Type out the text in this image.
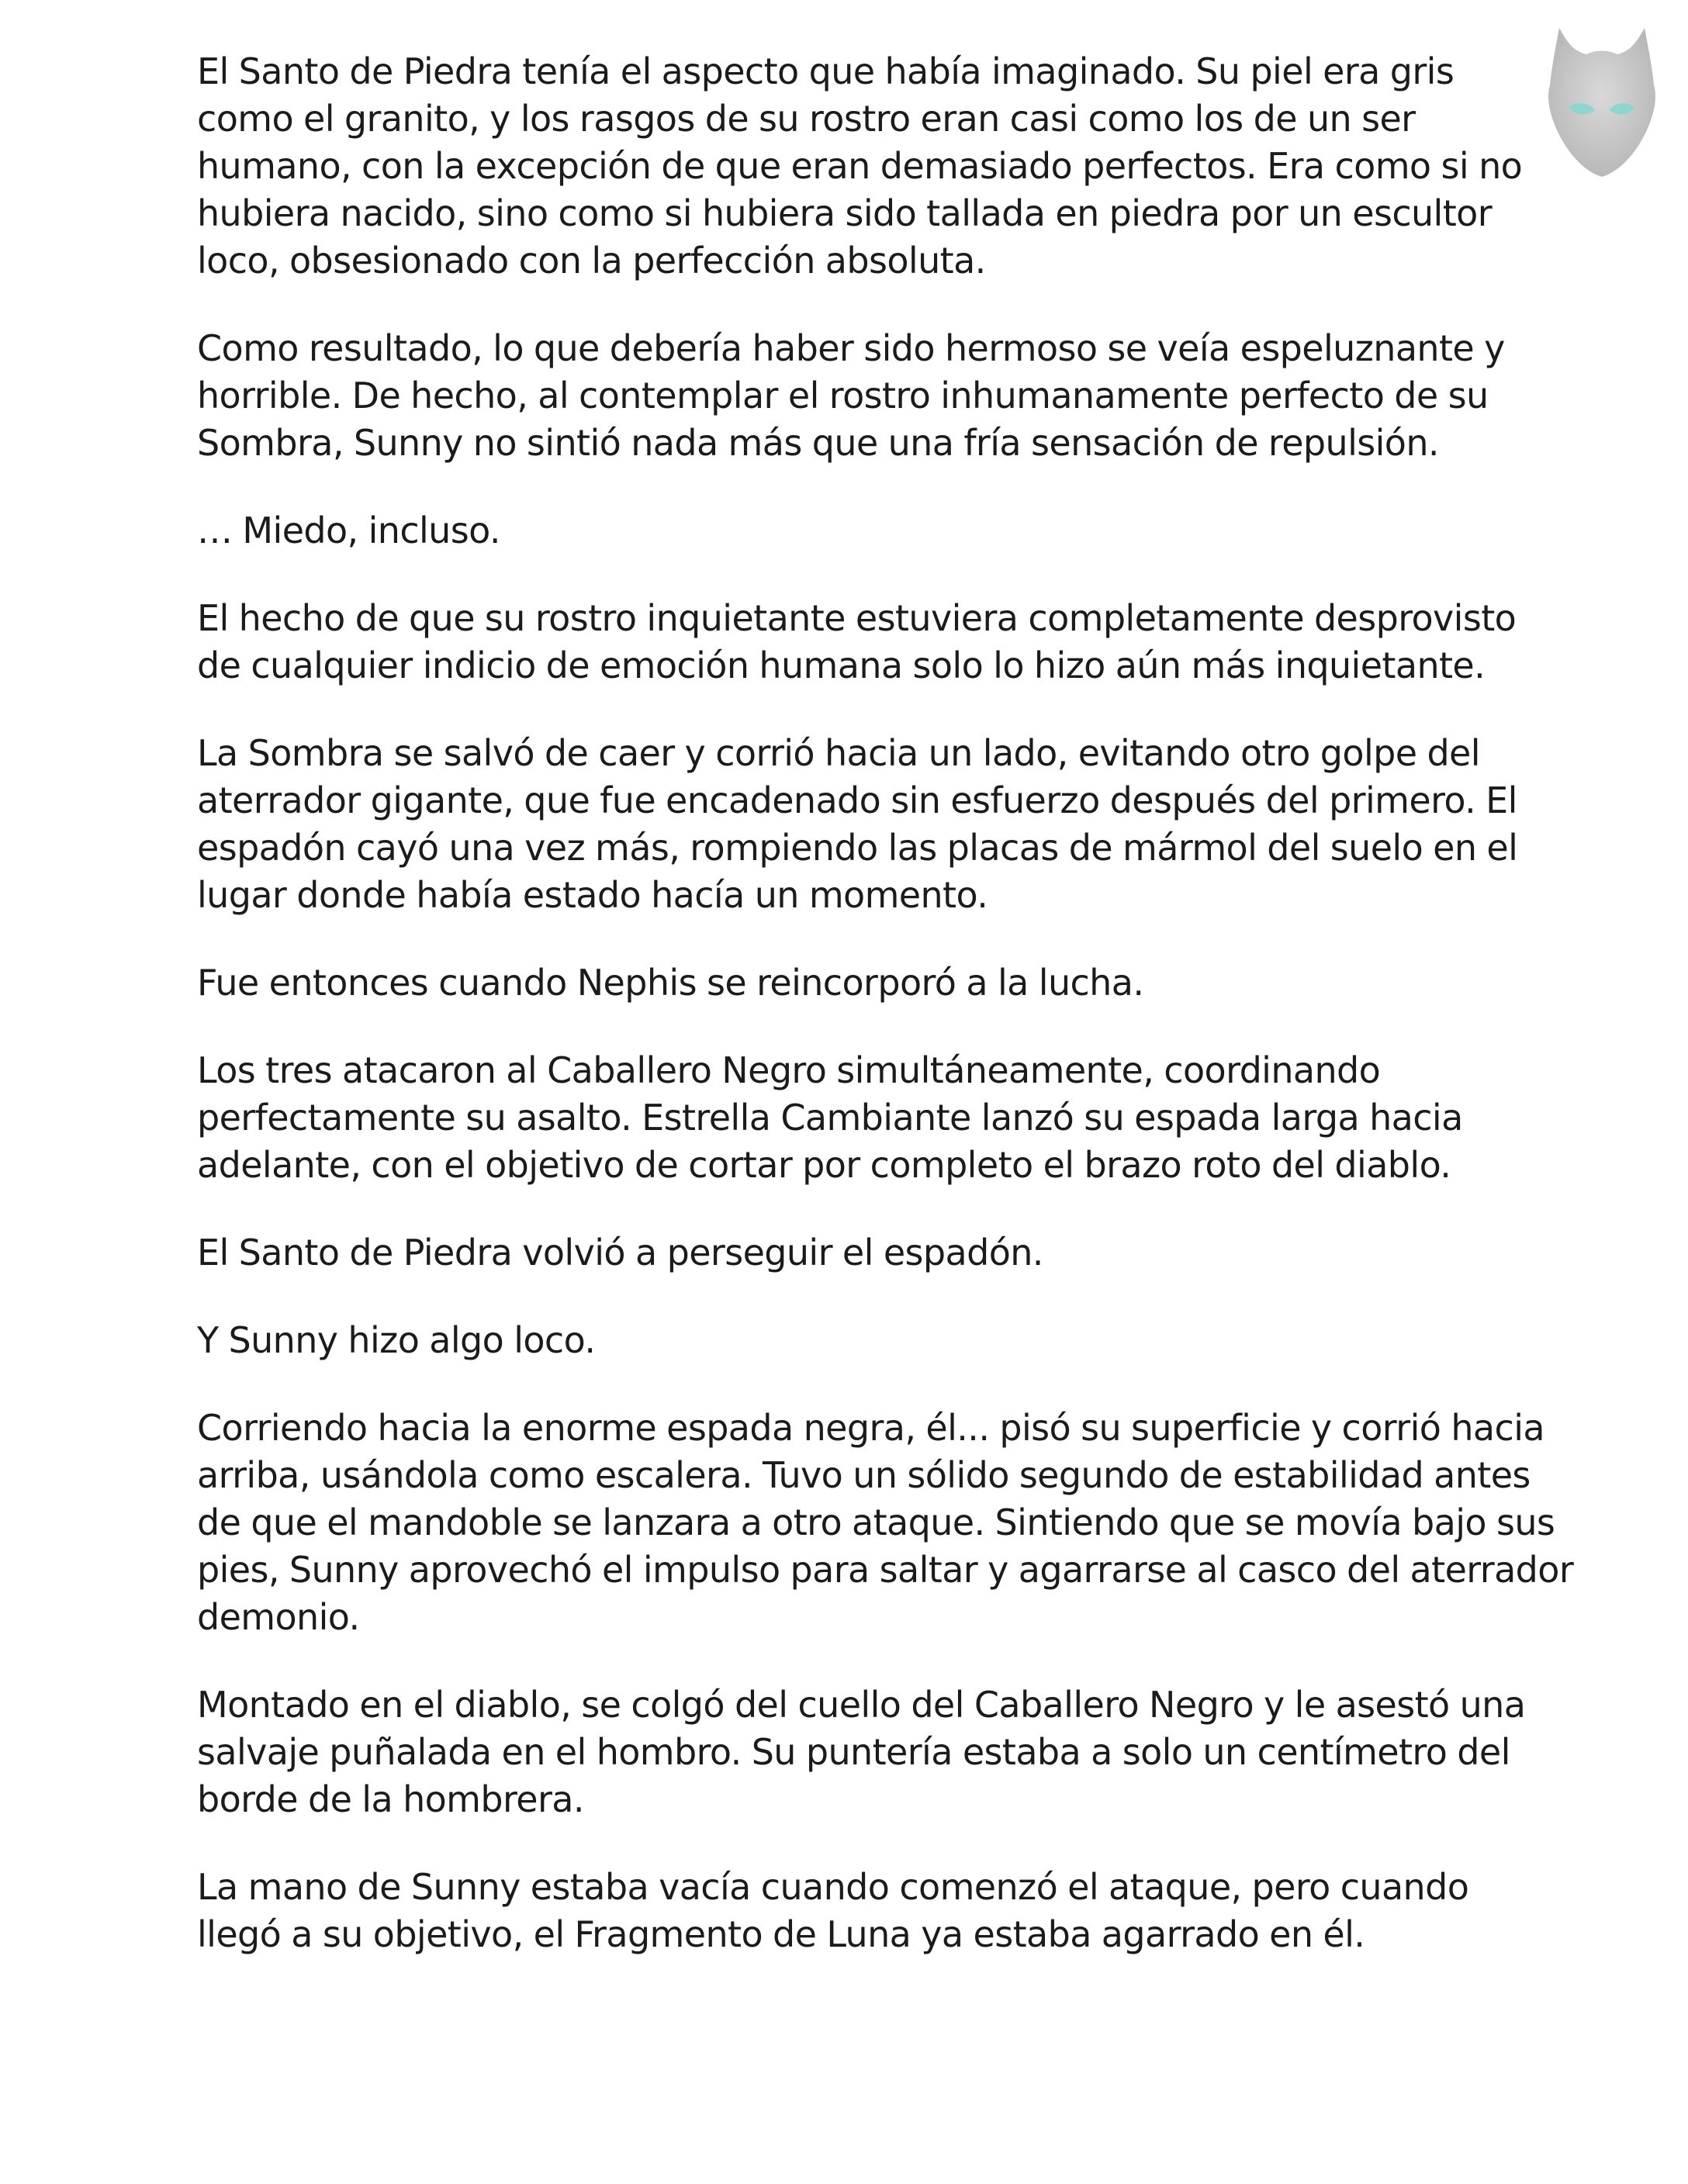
El Santo de Piedra tenía el aspecto que había imaginado. Su piel era gris
como el granito, y los rasgos de su rostro eran casi como los de un ser
humano, con la excepción de que eran demasiado perfectos. Era como si no
hubiera nacido, sino como si hubiera sido tallada en piedra por un escultor
loco, obsesionado con la perfección absoluta.

Como resultado, lo que debería haber sido hermoso se veía espeluznante y
horrible. De hecho, al contemplar el rostro inhumanamente perfecto de su
Sombra, Sunny no sintió nada más que una fría sensación de repulsión.

… Miedo, incluso.

El hecho de que su rostro inquietante estuviera completamente desprovisto
de cualquier indicio de emoción humana solo lo hizo aún más inquietante.

La Sombra se salvó de caer y corrió hacia un lado, evitando otro golpe del
aterrador gigante, que fue encadenado sin esfuerzo después del primero. El
espadón cayó una vez más, rompiendo las placas de mármol del suelo en el
lugar donde había estado hacía un momento.

Fue entonces cuando Nephis se reincorporó a la lucha.

Los tres atacaron al Caballero Negro simultáneamente, coordinando
perfectamente su asalto. Estrella Cambiante lanzó su espada larga hacia
adelante, con el objetivo de cortar por completo el brazo roto del diablo.

El Santo de Piedra volvió a perseguir el espadón.

Y Sunny hizo algo loco.

Corriendo hacia la enorme espada negra, él... pisó su superficie y corrió hacia
arriba, usándola como escalera. Tuvo un sólido segundo de estabilidad antes
de que el mandoble se lanzara a otro ataque. Sintiendo que se movía bajo sus
pies, Sunny aprovechó el impulso para saltar y agarrarse al casco del aterrador
demonio.

Montado en el diablo, se colgó del cuello del Caballero Negro y le asestó una
salvaje puñalada en el hombro. Su puntería estaba a solo un centímetro del
borde de la hombrera.

La mano de Sunny estaba vacía cuando comenzó el ataque, pero cuando
llegó a su objetivo, el Fragmento de Luna ya estaba agarrado en él.
